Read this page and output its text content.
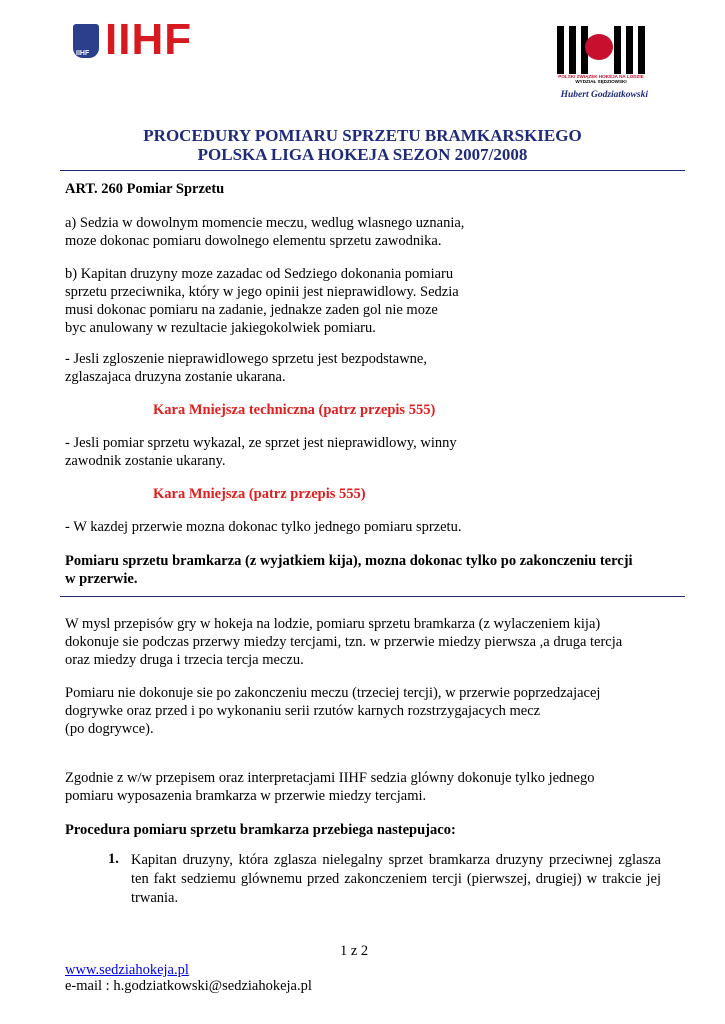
IIHF IIHF
POLSKI ZWIĄZEK HOKEJA NA LODZIE
WYDZIAŁ SĘDZIOWSKI
Hubert Godziatkowski
PROCEDURY POMIARU SPRZETU BRAMKARSKIEGO
POLSKA LIGA HOKEJA SEZON 2007/2008
ART. 260 Pomiar Sprzetu
a) Sedzia w dowolnym momencie meczu, wedlug wlasnego uznania,
moze dokonac pomiaru dowolnego elementu sprzetu zawodnika.
b) Kapitan druzyny moze zazadac od Sedziego dokonania pomiaru
sprzetu przeciwnika, który w jego opinii jest nieprawidlowy. Sedzia
musi dokonac pomiaru na zadanie, jednakze zaden gol nie moze
byc anulowany w rezultacie jakiegokolwiek pomiaru.
- Jesli zgloszenie nieprawidlowego sprzetu jest bezpodstawne,
zglaszajaca druzyna zostanie ukarana.
Kara Mniejsza techniczna (patrz przepis 555)
- Jesli pomiar sprzetu wykazal, ze sprzet jest nieprawidlowy, winny
zawodnik zostanie ukarany.
Kara Mniejsza (patrz przepis 555)
- W kazdej przerwie mozna dokonac tylko jednego pomiaru sprzetu.
Pomiaru sprzetu bramkarza (z wyjatkiem kija), mozna dokonac tylko po zakonczeniu tercji
w przerwie.
W mysl przepisów gry w hokeja na lodzie, pomiaru sprzetu bramkarza (z wylaczeniem kija)
dokonuje sie podczas przerwy miedzy tercjami, tzn. w przerwie miedzy pierwsza ,a druga tercja
oraz miedzy druga i trzecia tercja meczu.
Pomiaru nie dokonuje sie po zakonczeniu meczu (trzeciej tercji), w przerwie poprzedzajacej
dogrywke oraz przed i po wykonaniu serii rzutów karnych rozstrzygajacych mecz
(po dogrywce).
Zgodnie z w/w przepisem oraz interpretacjami IIHF sedzia glówny dokonuje tylko jednego
pomiaru wyposazenia bramkarza w przerwie miedzy tercjami.
Procedura pomiaru sprzetu bramkarza przebiega nastepujaco:
1. Kapitan druzyny, która zglasza nielegalny sprzet bramkarza druzyny przeciwnej zglasza ten fakt sedziemu glównemu przed zakonczeniem tercji (pierwszej, drugiej) w trakcie jej trwania.
1 z 2
www.sedziahokeja.pl
e-mail : h.godziatkowski@sedziahokeja.pl
